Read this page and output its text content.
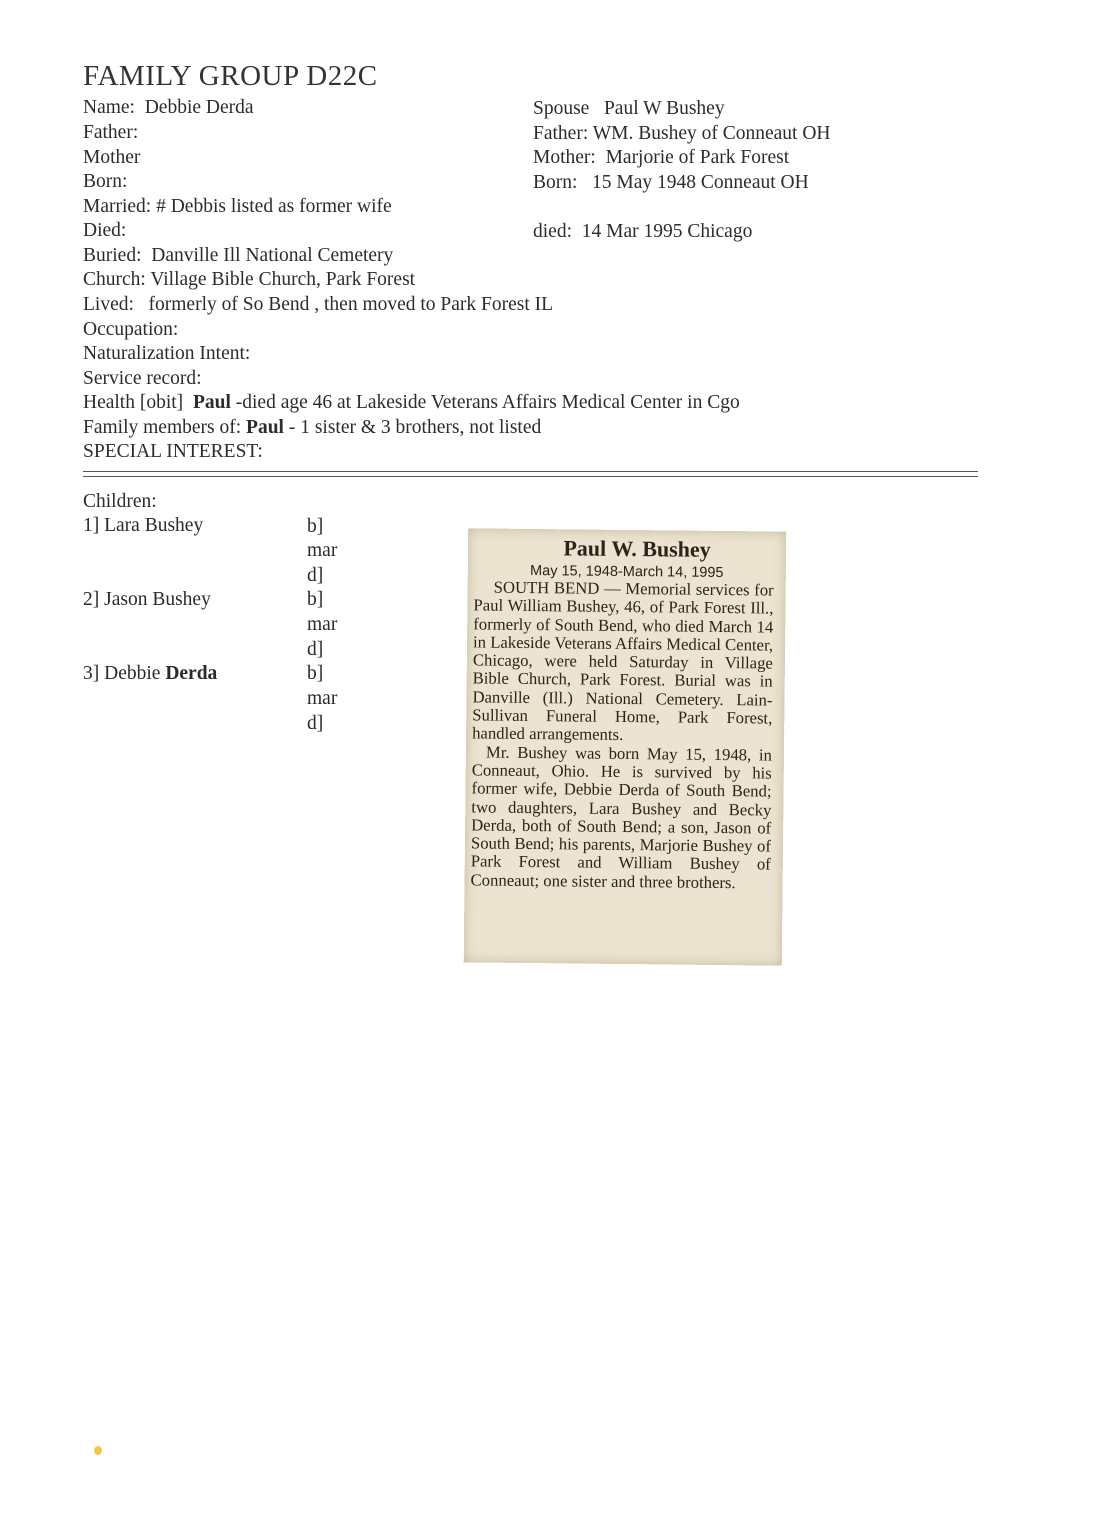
FAMILY GROUP D22C
Name:  Debbie Derda
Father:
Mother
Born:
Married: # Debbis listed as former wife
Died:
Buried:  Danville Ill National Cemetery
Church: Village Bible Church, Park Forest
Lived:   formerly of So Bend , then moved to Park Forest IL
Occupation:
Naturalization Intent:
Service record:
Health [obit]  Paul -died age 46 at Lakeside Veterans Affairs Medical Center in Cgo
Family members of: Paul - 1 sister & 3 brothers, not listed
SPECIAL INTEREST:
Spouse   Paul W Bushey
Father: WM. Bushey of Conneaut OH
Mother:  Marjorie of Park Forest
Born:   15 May 1948 Conneaut OH
died:  14 Mar 1995 Chicago
Children:
1] Lara Bushey	b]
mar
d]
2] Jason Bushey	b]
mar
d]
3] Debbie Derda	b]
mar
d]
Paul W. Bushey
May 15, 1948-March 14, 1995

SOUTH BEND — Memorial services for Paul William Bushey, 46, of Park Forest Ill., formerly of South Bend, who died March 14 in Lakeside Veterans Affairs Medical Center, Chicago, were held Saturday in Village Bible Church, Park Forest. Burial was in Danville (Ill.) National Cemetery. Lain-Sullivan Funeral Home, Park Forest, handled arrangements.

Mr. Bushey was born May 15, 1948, in Conneaut, Ohio. He is survived by his former wife, Debbie Derda of South Bend; two daughters, Lara Bushey and Becky Derda, both of South Bend; a son, Jason of South Bend; his parents, Marjorie Bushey of Park Forest and William Bushey of Conneaut; one sister and three brothers.
